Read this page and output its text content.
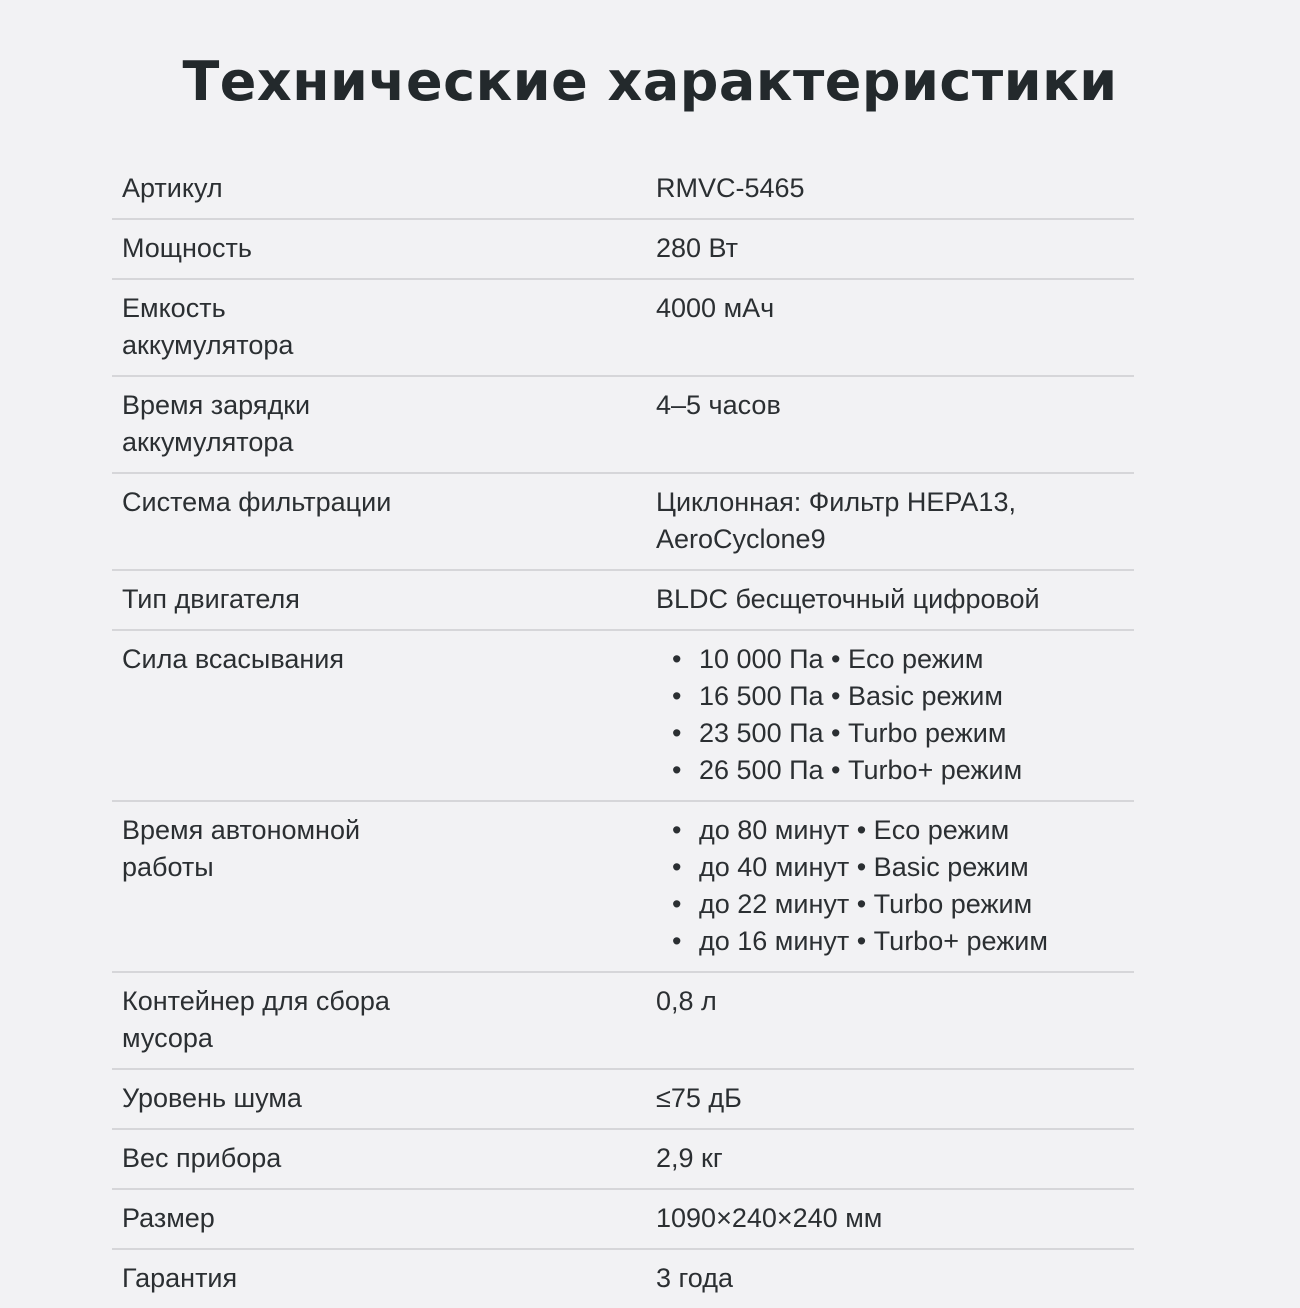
Технические характеристики
Артикул	RMVC-5465
Мощность	280 Вт
Емкость аккумулятора
4000 мАч
Время зарядки аккумулятора
4–5 часов
Система фильтрации	Циклонная: Фильтр HEPA13, AeroCyclone9
Тип двигателя	BLDC бесщеточный цифровой
Сила всасывания
•	10 000 Па • Eco режим
• 16 500 Па • Basic режим
• 23 500 Па • Turbo режим
• 26 500 Па • Turbo+ режим
Время автономной работы
• до 80 минут • Eco режим
• до 40 минут • Basic режим
• до 22 минут • Turbo режим
• до 16 минут • Turbo+ режим
Контейнер для сбора мусора
0,8 л
Уровень шума	≤75 дБ
Вес прибора	2,9 кг
Размер	1090×240×240 мм
Гарантия	3 года
